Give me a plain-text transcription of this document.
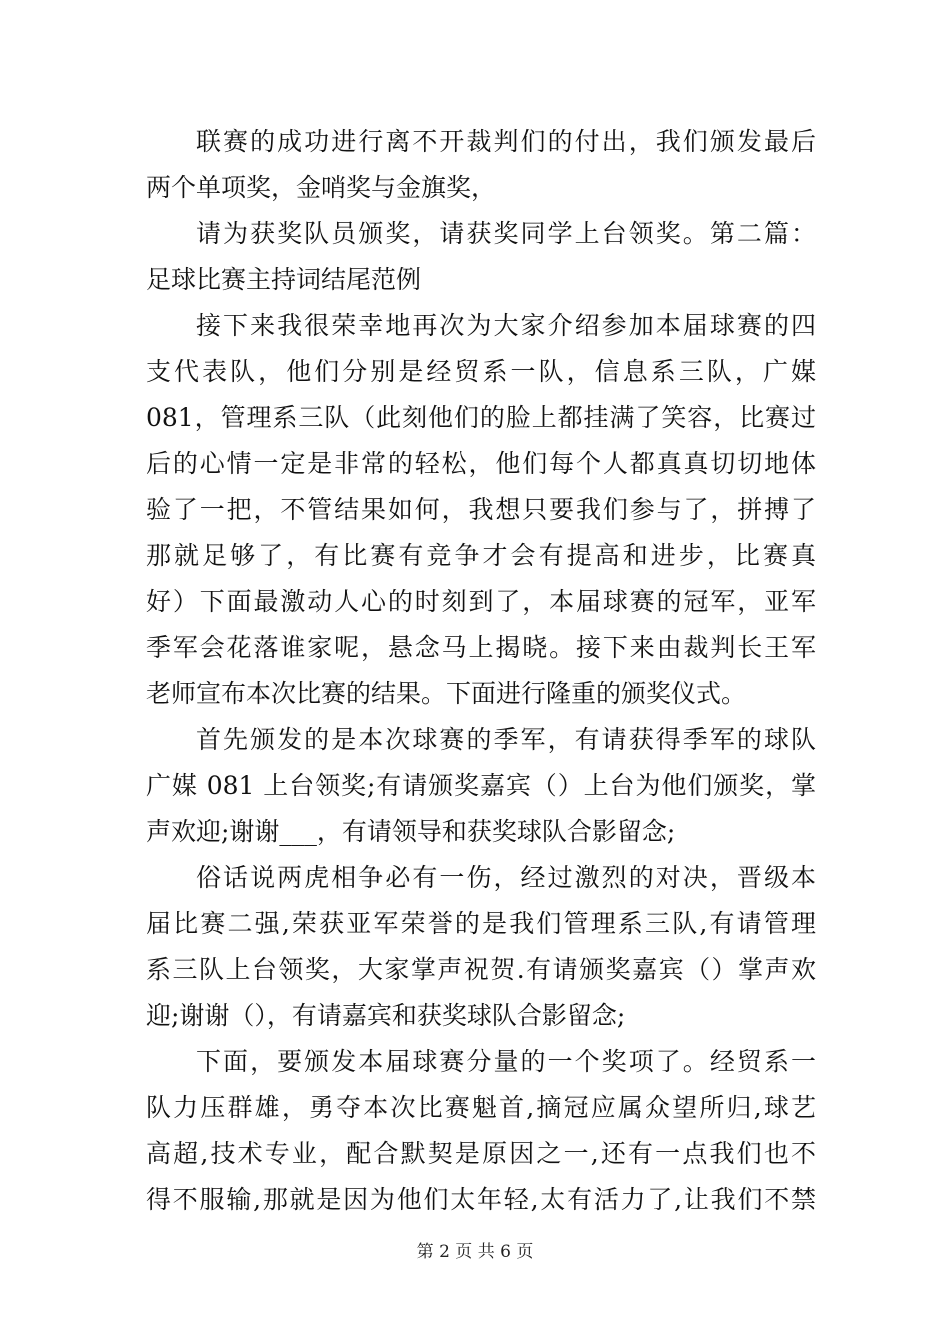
联赛的成功进行离不开裁判们的付出，我们颁发最后
两个单项奖，金哨奖与金旗奖，
请为获奖队员颁奖，请获奖同学上台领奖。第二篇：
足球比赛主持词结尾范例
接下来我很荣幸地再次为大家介绍参加本届球赛的四
支代表队，他们分别是经贸系一队，信息系三队，广媒
081，管理系三队（此刻他们的脸上都挂满了笑容，比赛过
后的心情一定是非常的轻松，他们每个人都真真切切地体
验了一把，不管结果如何，我想只要我们参与了，拼搏了
那就足够了，有比赛有竞争才会有提高和进步，比赛真
好）下面最激动人心的时刻到了，本届球赛的冠军，亚军
季军会花落谁家呢，悬念马上揭晓。接下来由裁判长王军
老师宣布本次比赛的结果。下面进行隆重的颁奖仪式。
首先颁发的是本次球赛的季军，有请获得季军的球队
广媒 081 上台领奖;有请颁奖嘉宾（）上台为他们颁奖，掌
声欢迎;谢谢___，有请领导和获奖球队合影留念;
俗话说两虎相争必有一伤，经过激烈的对决，晋级本
届比赛二强,荣获亚军荣誉的是我们管理系三队,有请管理
系三队上台领奖，大家掌声祝贺.有请颁奖嘉宾（）掌声欢
迎;谢谢（），有请嘉宾和获奖球队合影留念;
下面，要颁发本届球赛分量的一个奖项了。经贸系一
队力压群雄，勇夺本次比赛魁首,摘冠应属众望所归,球艺
高超,技术专业，配合默契是原因之一,还有一点我们也不
得不服输,那就是因为他们太年轻,太有活力了,让我们不禁
第 2 页 共 6 页
